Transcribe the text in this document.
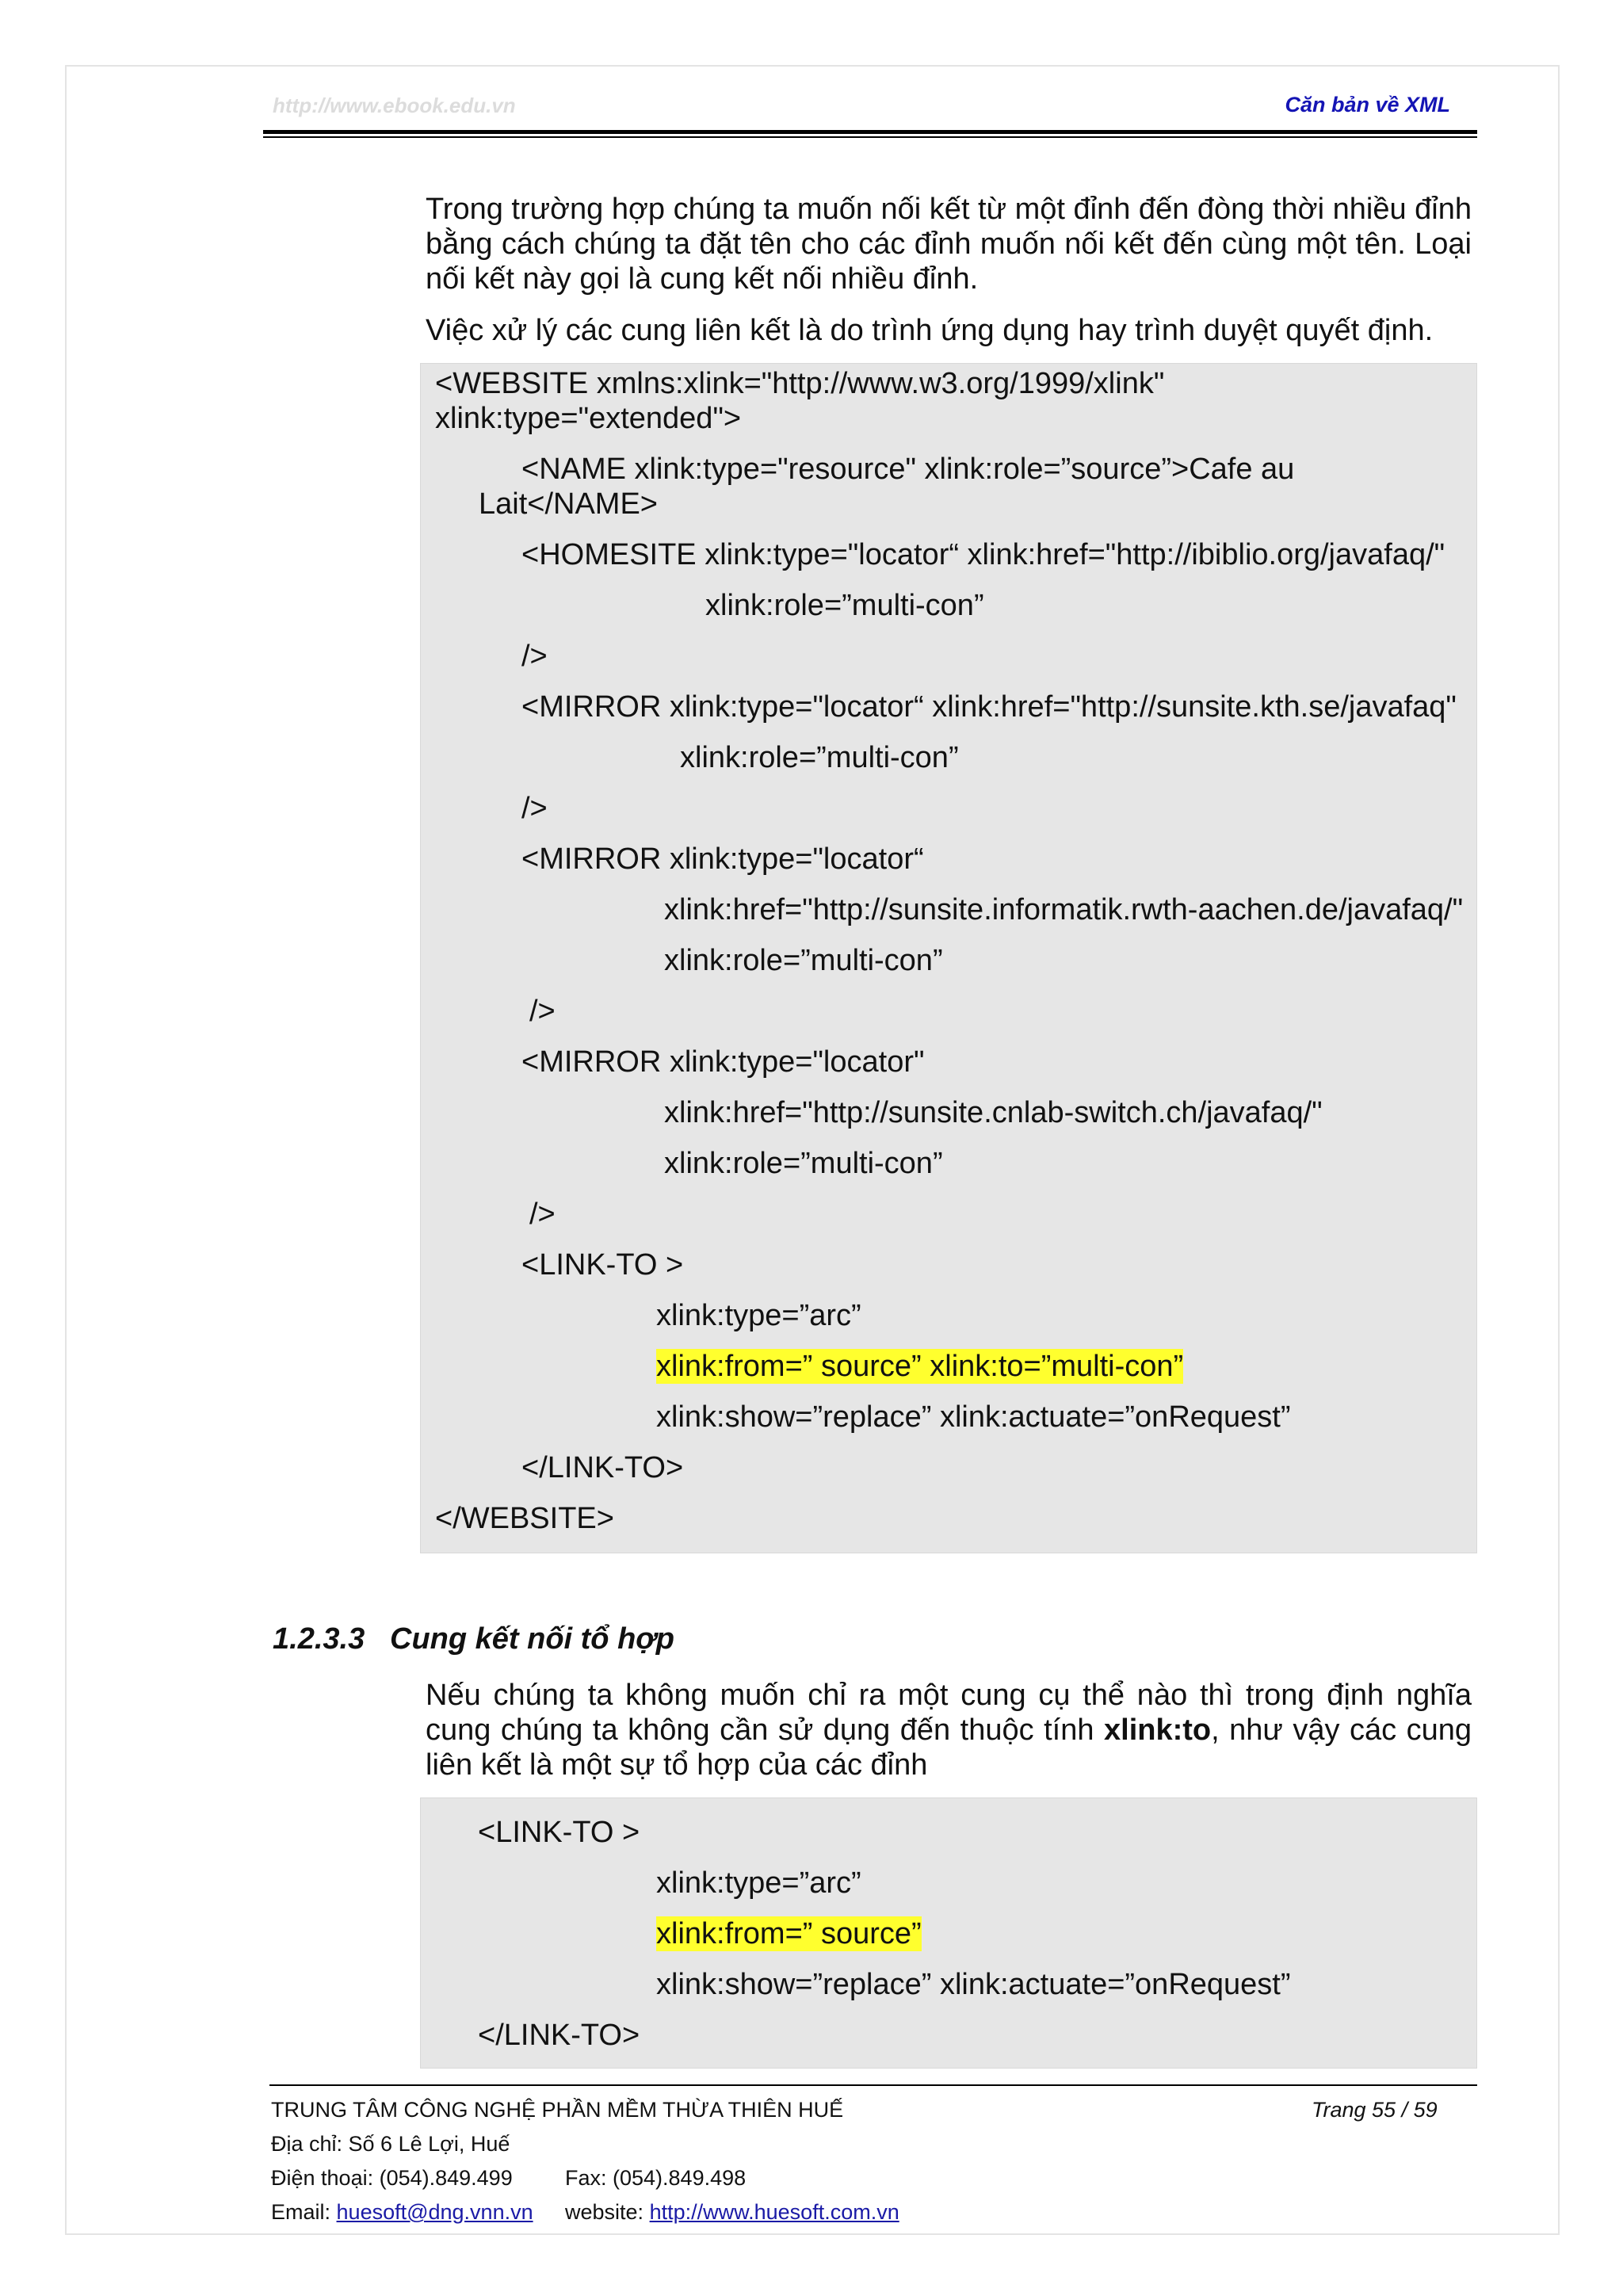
http://www.ebook.edu.vn	Căn bản về XML

Trong trường hợp chúng ta muốn nối kết từ một đỉnh đến đòng thời nhiều đỉnh bằng cách chúng ta đặt tên cho các đỉnh muốn nối kết đến cùng một tên. Loại nối kết này gọi là cung kết nối nhiều đỉnh.

Việc xử lý các cung liên kết là do trình ứng dụng hay trình duyệt quyết định.

<WEBSITE xmlns:xlink="http://www.w3.org/1999/xlink"
xlink:type="extended">
<NAME xlink:type="resource" xlink:role=”source”>Cafe au
Lait</NAME>
<HOMESITE xlink:type="locator“ xlink:href="http://ibiblio.org/javafaq/"
xlink:role=”multi-con”
/>
<MIRROR xlink:type="locator“ xlink:href="http://sunsite.kth.se/javafaq"
xlink:role=”multi-con”
/>
<MIRROR xlink:type="locator“
xlink:href="http://sunsite.informatik.rwth-aachen.de/javafaq/"
xlink:role=”multi-con”
/>
<MIRROR xlink:type="locator"
xlink:href="http://sunsite.cnlab-switch.ch/javafaq/"
xlink:role=”multi-con”
/>
<LINK-TO >
xlink:type=”arc”
xlink:from=” source” xlink:to=”multi-con”
xlink:show=”replace” xlink:actuate=”onRequest”
</LINK-TO>
</WEBSITE>
1.2.3.3 Cung kết nối tổ hợp

Nếu chúng ta không muốn chỉ ra một cung cụ thể nào thì trong định nghĩa cung chúng ta không cần sử dụng đến thuộc tính xlink:to, như vậy các cung liên kết là một sự tổ hợp của các đỉnh

<LINK-TO >
xlink:type=”arc”
xlink:from=” source”
xlink:show=”replace” xlink:actuate=”onRequest”
</LINK-TO>
TRUNG TÂM CÔNG NGHỆ PHẦN MỀM THỪA THIÊN HUẾ	Trang 55 / 59
Địa chỉ: Số 6 Lê Lợi, Huế
Điện thoại: (054).849.499 Fax: (054).849.498
Email: huesoft@dng.vnn.vn website: http://www.huesoft.com.vn
